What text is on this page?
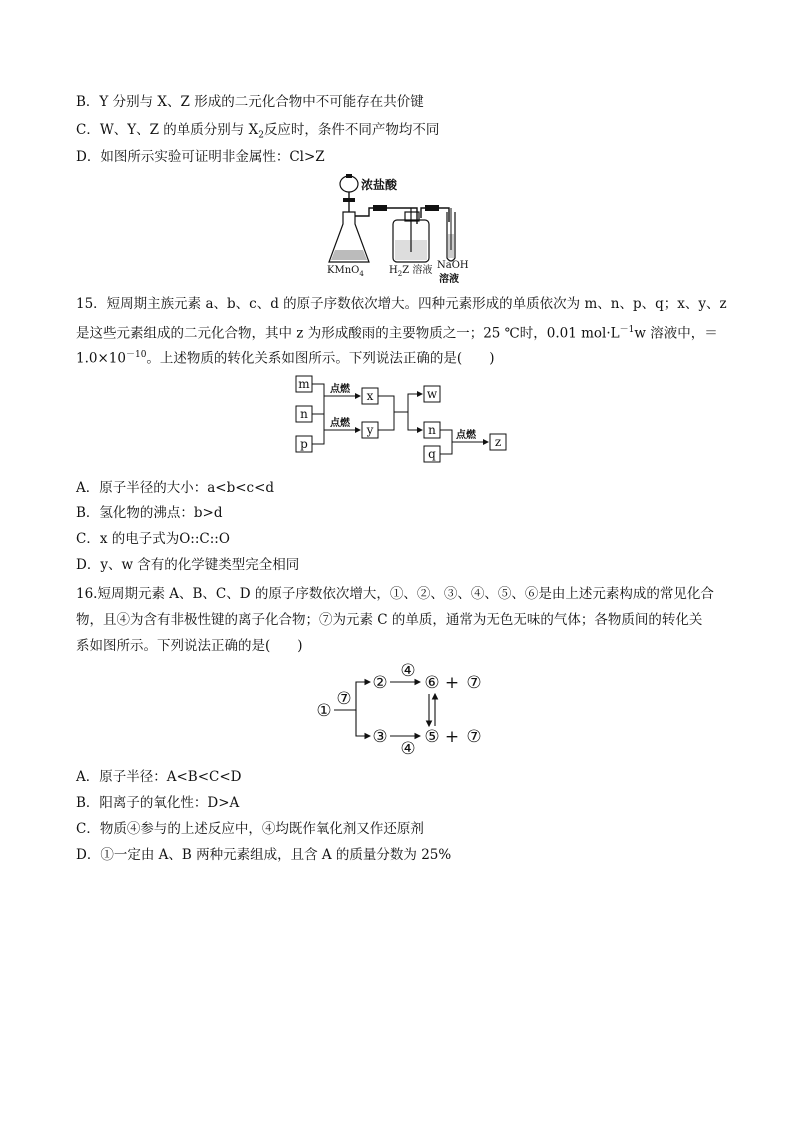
B．Y 分别与 X、Z 形成的二元化合物中不可能存在共价键
C．W、Y、Z 的单质分别与 $X_2$反应时，条件不同产物均不同
D．如图所示实验可证明非金属性：Cl>Z
浓盐酸
KMnO$_4$	$H_2Z$ 溶液 NaOH
溶液
15．短周期主族元素 a、b、c、d 的原子序数依次增大。四种元素形成的单质依次为 m、n、p、q；x、y、z
是这些元素组成的二元化合物，其中 z 为形成酸雨的主要物质之一；25 ℃时，0.01 $mol\cdot L^{-1}w$ 溶液中，＝
$1.0\times 10^{-10}$。上述物质的转化关系如图所示。下列说法正确的是(　　)
m
n
p
x
y
w
n
q
z
点燃
点燃
点燃
A．原子半径的大小：a<b<c<d
B．氢化物的沸点：b>d
C．x 的电子式为O::C::O
D．y、w 含有的化学键类型完全相同
16.短周期元素 A、B、C、D 的原子序数依次增大，①、②、③、④、⑤、⑥是由上述元素构成的常见化合
物，且④为含有非极性键的离子化合物；⑦为元素 C 的单质，通常为无色无味的气体；各物质间的转化关
系如图所示。下列说法正确的是(　　)
①
⑦
②
④
⑥ + ⑦
③
④
⑤ + ⑦
A．原子半径：A<B<C<D
B．阳离子的氧化性：D>A
C．物质④参与的上述反应中，④均既作氧化剂又作还原剂
D．①一定由 A、B 两种元素组成，且含 A 的质量分数为 25%
